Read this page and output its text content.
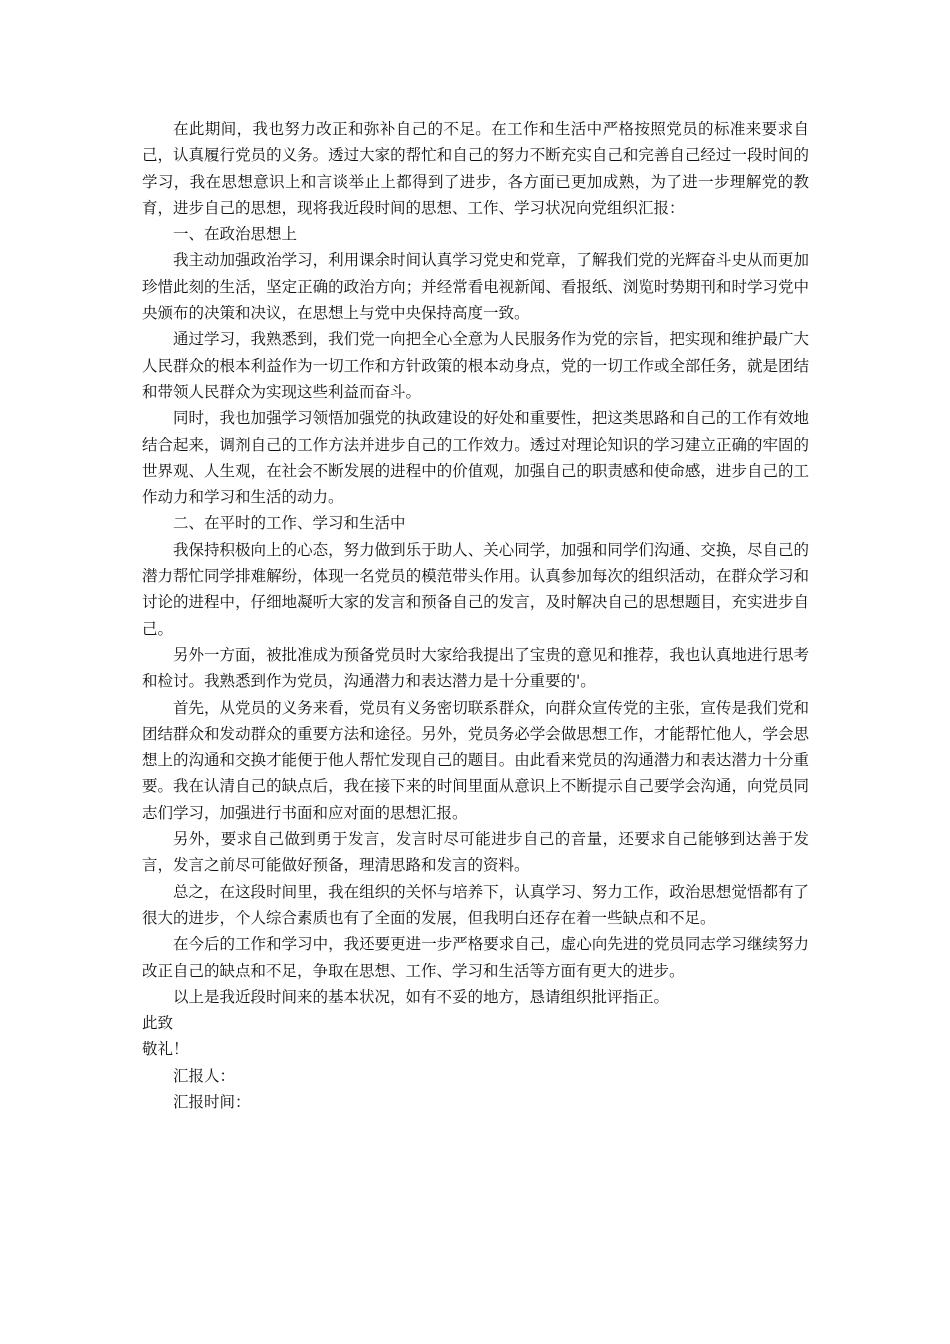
在此期间，我也努力改正和弥补自己的不足。在工作和生活中严格按照党员的标准来要求自己，认真履行党员的义务。透过大家的帮忙和自己的努力不断充实自己和完善自己经过一段时间的学习，我在思想意识上和言谈举止上都得到了进步，各方面已更加成熟，为了进一步理解党的教育，进步自己的思想，现将我近段时间的思想、工作、学习状况向党组织汇报：

一、在政治思想上

我主动加强政治学习，利用课余时间认真学习党史和党章，了解我们党的光辉奋斗史从而更加珍惜此刻的生活，坚定正确的政治方向；并经常看电视新闻、看报纸、浏览时势期刊和时学习党中央颁布的决策和决议，在思想上与党中央保持高度一致。

通过学习，我熟悉到，我们党一向把全心全意为人民服务作为党的宗旨，把实现和维护最广大人民群众的根本利益作为一切工作和方针政策的根本动身点，党的一切工作或全部任务，就是团结和带领人民群众为实现这些利益而奋斗。

同时，我也加强学习领悟加强党的执政建设的好处和重要性，把这类思路和自己的工作有效地结合起来，调剂自己的工作方法并进步自己的工作效力。透过对理论知识的学习建立正确的牢固的世界观、人生观，在社会不断发展的进程中的价值观，加强自己的职责感和使命感，进步自己的工作动力和学习和生活的动力。

二、在平时的工作、学习和生活中

我保持积极向上的心态，努力做到乐于助人、关心同学，加强和同学们沟通、交换，尽自己的潜力帮忙同学排难解纷，体现一名党员的模范带头作用。认真参加每次的组织活动，在群众学习和讨论的进程中，仔细地凝听大家的发言和预备自己的发言，及时解决自己的思想题目，充实进步自己。

另外一方面，被批准成为预备党员时大家给我提出了宝贵的意见和推荐，我也认真地进行思考和检讨。我熟悉到作为党员，沟通潜力和表达潜力是十分重要的'。

首先，从党员的义务来看，党员有义务密切联系群众，向群众宣传党的主张，宣传是我们党和团结群众和发动群众的重要方法和途径。另外，党员务必学会做思想工作，才能帮忙他人，学会思想上的沟通和交换才能便于他人帮忙发现自己的题目。由此看来党员的沟通潜力和表达潜力十分重要。我在认清自己的缺点后，我在接下来的时间里面从意识上不断提示自己要学会沟通，向党员同志们学习，加强进行书面和应对面的思想汇报。

另外，要求自己做到勇于发言，发言时尽可能进步自己的音量，还要求自己能够到达善于发言，发言之前尽可能做好预备，理清思路和发言的资料。

总之，在这段时间里，我在组织的关怀与培养下，认真学习、努力工作，政治思想觉悟都有了很大的进步，个人综合素质也有了全面的发展，但我明白还存在着一些缺点和不足。

在今后的工作和学习中，我还要更进一步严格要求自己，虚心向先进的党员同志学习继续努力改正自己的缺点和不足，争取在思想、工作、学习和生活等方面有更大的进步。

以上是我近段时间来的基本状况，如有不妥的地方，恳请组织批评指正。

此致

敬礼！

汇报人：

汇报时间：
